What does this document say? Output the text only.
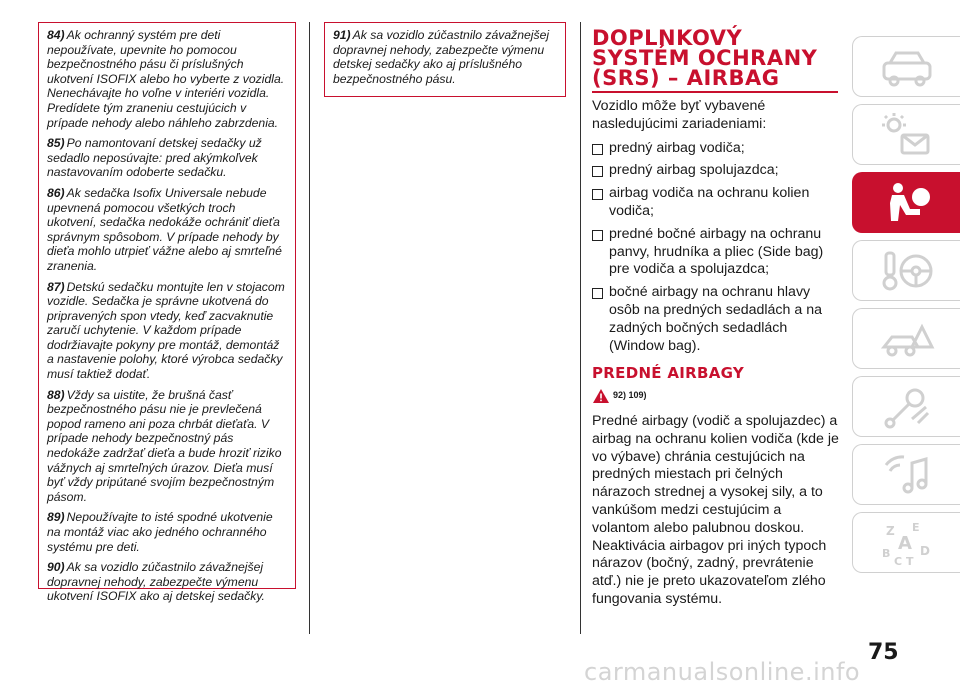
84) Ak ochranný systém pre deti nepoužívate, upevnite ho pomocou bezpečnostného pásu či príslušných ukotvení ISOFIX alebo ho vyberte z vozidla. Nenechávajte ho voľne v interiéri vozidla. Predídete tým zraneniu cestujúcich v prípade nehody alebo náhleho zabrzdenia.

85) Po namontovaní detskej sedačky už sedadlo neposúvajte: pred akýmkoľvek nastavovaním odoberte sedačku.

86) Ak sedačka Isofix Universale nebude upevnená pomocou všetkých troch ukotvení, sedačka nedokáže ochrániť dieťa správnym spôsobom. V prípade nehody by dieťa mohlo utrpieť vážne alebo aj smrteľné zranenia.

87) Detskú sedačku montujte len v stojacom vozidle. Sedačka je správne ukotvená do pripravených spon vtedy, keď zacvaknutie zaručí uchytenie. V každom prípade dodržiavajte pokyny pre montáž, demontáž a nastavenie polohy, ktoré výrobca sedačky musí taktiež dodať.

88) Vždy sa uistite, že brušná časť bezpečnostného pásu nie je prevlečená popod rameno ani poza chrbát dieťaťa. V prípade nehody bezpečnostný pás nedokáže zadržať dieťa a bude hroziť riziko vážnych aj smrteľných úrazov. Dieťa musí byť vždy pripútané svojím bezpečnostným pásom.

89) Nepoužívajte to isté spodné ukotvenie na montáž viac ako jedného ochranného systému pre deti.

90) Ak sa vozidlo zúčastnilo závažnejšej dopravnej nehody, zabezpečte výmenu ukotvení ISOFIX ako aj detskej sedačky.

91) Ak sa vozidlo zúčastnilo závažnejšej dopravnej nehody, zabezpečte výmenu detskej sedačky ako aj príslušného bezpečnostného pásu.

DOPLNKOVÝ
SYSTÉM OCHRANY
(SRS) – AIRBAG

Vozidlo môže byť vybavené nasledujúcimi zariadeniami:

predný airbag vodiča;
predný airbag spolujazdca;
airbag vodiča na ochranu kolien vodiča;
predné bočné airbagy na ochranu panvy, hrudníka a pliec (Side bag) pre vodiča a spolujazdca;
bočné airbagy na ochranu hlavy osôb na predných sedadlách a na zadných bočných sedadlách (Window bag).
PREDNÉ AIRBAGY
92) 109)

Predné airbagy (vodič a spolujazdec) a airbag na ochranu kolien vodiča (kde je vo výbave) chránia cestujúcich na predných miestach pri čelných nárazoch strednej a vysokej sily, a to vankúšom medzi cestujúcim a volantom alebo palubnou doskou. Neaktivácia airbagov pri iných typoch nárazov (bočný, zadný, prevrátenie atď.) nie je preto ukazovateľom zlého fungovania systému.

Z E
A
B D
C T
75
carmanualsonline.info
